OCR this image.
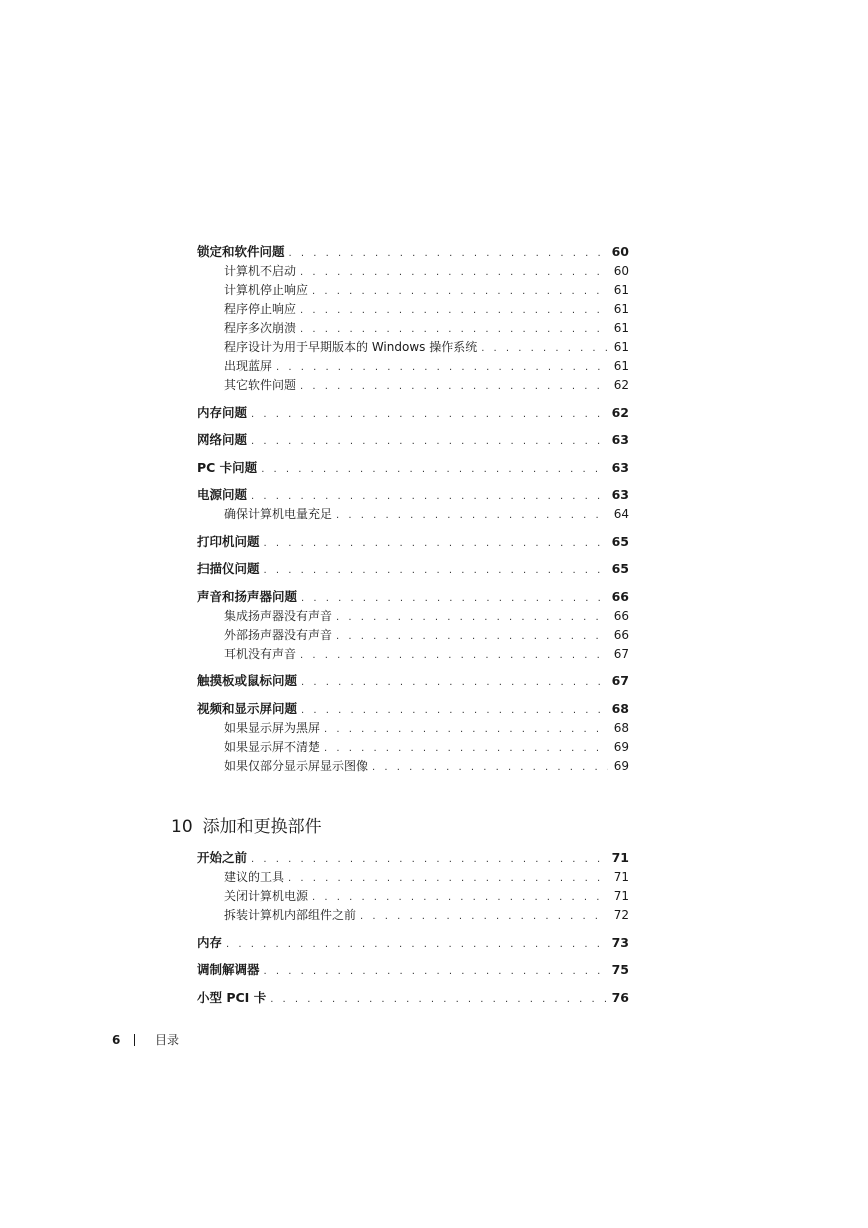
锁定和软件问题 . . .	60
计算机不启动 . . .	60
计算机停止响应 . . .	61
程序停止响应 . . .	61
程序多次崩溃 . . .	61
程序设计为用于早期版本的 Windows 操作系统 . . .	61
出现蓝屏 . . .	61
其它软件问题 . . .	62
内存问题 . . .	62
网络问题 . . .	63
PC 卡问题 . . .	63
电源问题 . . .	63
确保计算机电量充足 . . .	64
打印机问题 . . .	65
扫描仪问题 . . .	65
声音和扬声器问题 . . .	66
集成扬声器没有声音 . . .	66
外部扬声器没有声音 . . .	66
耳机没有声音 . . .	67
触摸板或鼠标问题 . . .	67
视频和显示屏问题 . . .	68
如果显示屏为黑屏 . . .	68
如果显示屏不清楚 . . .	69
如果仅部分显示屏显示图像 . . .	69
开始之前 . . .	71
建议的工具 . . .	71
关闭计算机电源 . . .	71
拆装计算机内部组件之前 . . .	72
内存 . . .	73
调制解调器 . . .	75
小型 PCI 卡 . . .	76
10 添加和更换部件
6	目录
